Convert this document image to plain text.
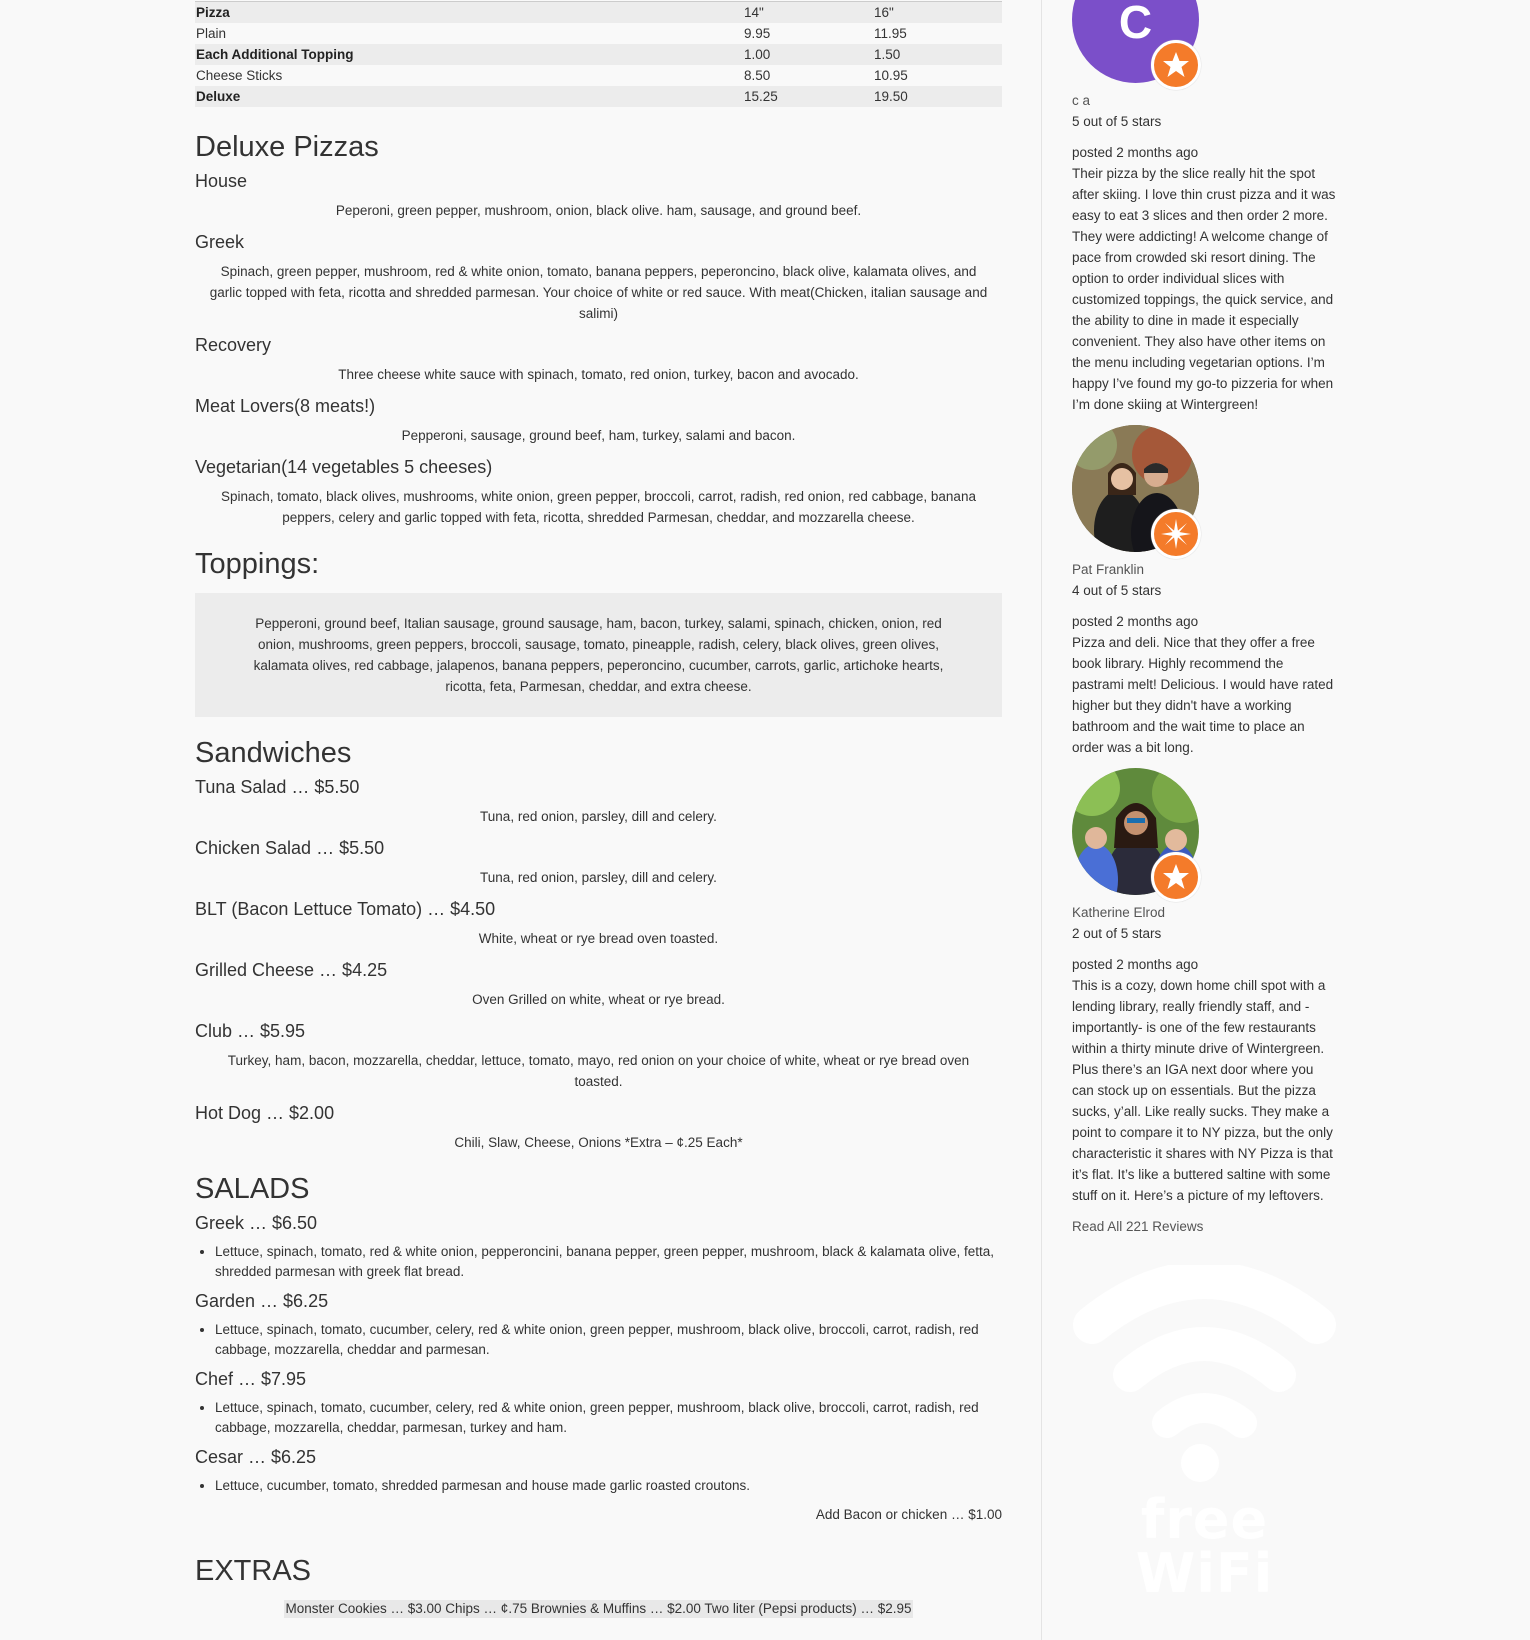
Pizza	14"	16"
Plain	9.95	11.95
Each Additional Topping	1.00	1.50
Cheese Sticks	8.50	10.95
Deluxe	15.25	19.50
Deluxe Pizzas
House

Peperoni, green pepper, mushroom, onion, black olive. ham, sausage, and ground beef.

Greek

Spinach, green pepper, mushroom, red & white onion, tomato, banana peppers, peperoncino, black olive, kalamata olives, and garlic topped with feta, ricotta and shredded parmesan. Your choice of white or red sauce. With meat(Chicken, italian sausage and salimi)

Recovery

Three cheese white sauce with spinach, tomato, red onion, turkey, bacon and avocado.

Meat Lovers(8 meats!)

Pepperoni, sausage, ground beef, ham, turkey, salami and bacon.

Vegetarian(14 vegetables 5 cheeses)

Spinach, tomato, black olives, mushrooms, white onion, green pepper, broccoli, carrot, radish, red onion, red cabbage, banana peppers, celery and garlic topped with feta, ricotta, shredded Parmesan, cheddar, and mozzarella cheese.

Toppings:
Pepperoni, ground beef, Italian sausage, ground sausage, ham, bacon, turkey, salami, spinach, chicken, onion, red onion, mushrooms, green peppers, broccoli, sausage, tomato, pineapple, radish, celery, black olives, green olives, kalamata olives, red cabbage, jalapenos, banana peppers, peperoncino, cucumber, carrots, garlic, artichoke hearts, ricotta, feta, Parmesan, cheddar, and extra cheese.
Sandwiches
Tuna Salad … $5.50

Tuna, red onion, parsley, dill and celery.

Chicken Salad … $5.50

Tuna, red onion, parsley, dill and celery.

BLT (Bacon Lettuce Tomato) … $4.50

White, wheat or rye bread oven toasted.

Grilled Cheese … $4.25

Oven Grilled on white, wheat or rye bread.

Club … $5.95

Turkey, ham, bacon, mozzarella, cheddar, lettuce, tomato, mayo, red onion on your choice of white, wheat or rye bread oven toasted.

Hot Dog … $2.00

Chili, Slaw, Cheese, Onions *Extra – ¢.25 Each*

SALADS
Greek … $6.50
• Lettuce, spinach, tomato, red & white onion, pepperoncini, banana pepper, green pepper, mushroom, black & kalamata olive, fetta, shredded parmesan with greek flat bread.
Garden … $6.25
• Lettuce, spinach, tomato, cucumber, celery, red & white onion, green pepper, mushroom, black olive, broccoli, carrot, radish, red cabbage, mozzarella, cheddar and parmesan.
Chef … $7.95
• Lettuce, spinach, tomato, cucumber, celery, red & white onion, green pepper, mushroom, black olive, broccoli, carrot, radish, red cabbage, mozzarella, cheddar, parmesan, turkey and ham.
Cesar … $6.25
• Lettuce, cucumber, tomato, shredded parmesan and house made garlic roasted croutons.

Add Bacon or chicken … $1.00

EXTRAS
Monster Cookies … $3.00 Chips … ¢.75 Brownies & Muffins … $2.00 Two liter (Pepsi products) … $2.95
C
c a
5 out of 5 stars
posted 2 months ago
Their pizza by the slice really hit the spot after skiing. I love thin crust pizza and it was easy to eat 3 slices and then order 2 more. They were addicting! A welcome change of pace from crowded ski resort dining. The option to order individual slices with customized toppings, the quick service, and the ability to dine in made it especially convenient. They also have other items on the menu including vegetarian options. I’m happy I’ve found my go-to pizzeria for when I’m done skiing at Wintergreen!
Pat Franklin
4 out of 5 stars
posted 2 months ago
Pizza and deli. Nice that they offer a free book library. Highly recommend the pastrami melt! Delicious. I would have rated higher but they didn't have a working bathroom and the wait time to place an order was a bit long.
Katherine Elrod
2 out of 5 stars
posted 2 months ago
This is a cozy, down home chill spot with a lending library, really friendly staff, and - importantly- is one of the few restaurants within a thirty minute drive of Wintergreen. Plus there’s an IGA next door where you can stock up on essentials. But the pizza sucks, y’all. Like really sucks. They make a point to compare it to NY pizza, but the only characteristic it shares with NY Pizza is that it’s flat. It’s like a buttered saltine with some stuff on it. Here’s a picture of my leftovers.
Read All 221 Reviews
free WiFi
